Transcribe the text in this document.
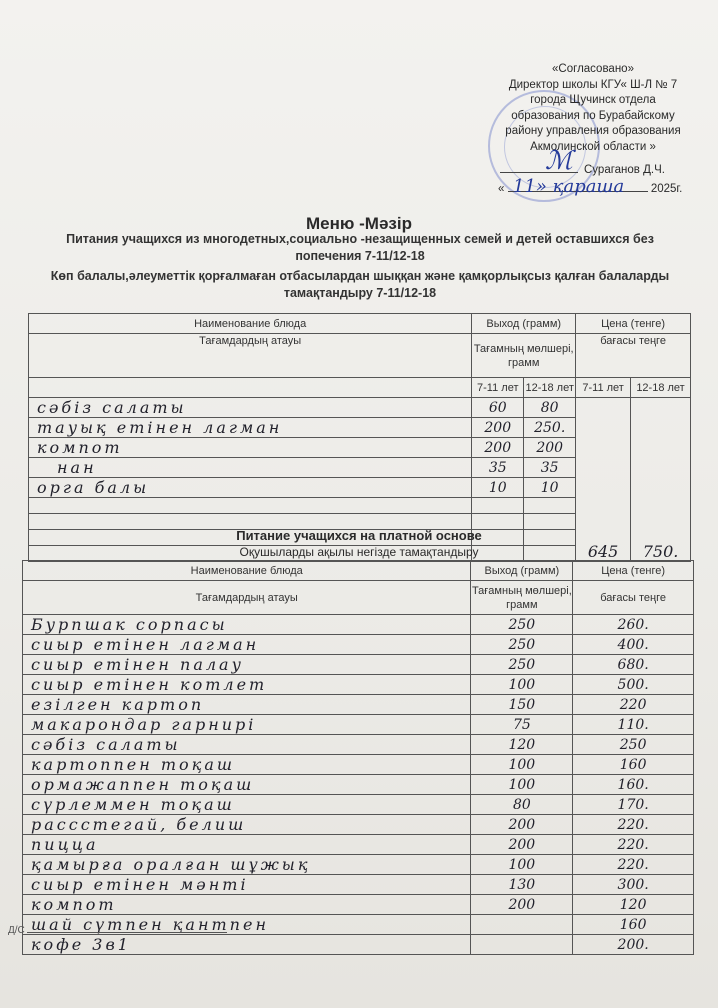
«Согласовано»
Директор школы КГУ« Ш-Л № 7
города Щучинск отдела
образования по Бурабайскому
району управления образования
Акмолинской области »
ℳ Сураганов Д.Ч.
«	2025г.
11» қараша
Меню -Мәзір
Питания учащихся из многодетных,социально -незащищенных семей и детей оставшихся без попечения 7-11/12-18
Көп балалы,әлеуметтік қорғалмаған отбасылардан шыққан және қамқорлықсыз қалған балаларды тамақтандыру 7-11/12-18
Наименование блюда	Выход (грамм)		Цена (тенге)	
Тағамдардың атауы	Тағамның мөлшері, грамм		бағасы теңге	
	7-11 лет	12-18 лет	7-11 лет	12-18 лет
сәбіз салаты	60	80	645	750.
тауық етінен лагман	200	250.		
компот	200	200		
нан	35	35		
орга балы	10	10		

Питание учащихся на платной основе
Оқушыларды ақылы негізде тамақтандыру
Наименование блюда	Выход (грамм)	Цена (тенге)
Тағамдардың атауы	Тағамның мөлшері, грамм	бағасы теңге
Бурпшак сорпасы	250	260.
сиыр етінен лагман	250	400.
сиыр етінен палау	250	680.
сиыр етінен котлет	100	500.
езілген картоп	150	220
макарондар гарнирі	75	110.
сәбіз салаты	120	250
картоппен тоқаш	100	160
ормажаппен тоқаш	100	160.
сүрлеммен тоқаш	80	170.
рассстегай, белиш	200	220.
пицца	200	220.
қамырға оралған шұжық	100	220.
сиыр етінен мәнті	130	300.
компот	200	120
шай сүтпен қантпен		160
кофе 3в1		200.
Д/С
